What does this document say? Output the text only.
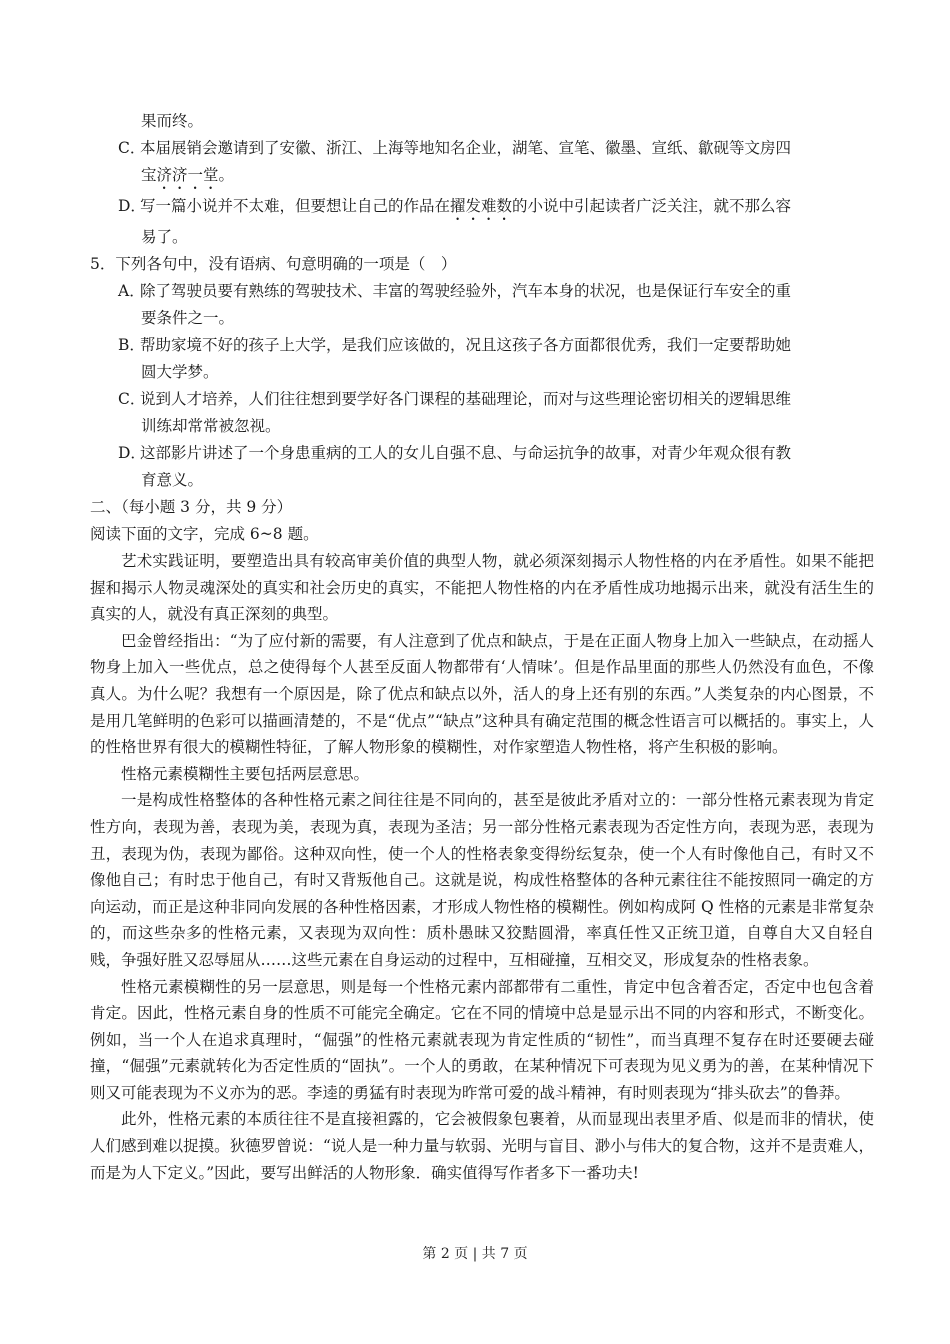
果而终。
C．本届展销会邀请到了安徽、浙江、上海等地知名企业，湖笔、宣笔、徽墨、宣纸、歙砚等文房四
宝济济一堂。
D．写一篇小说并不太难，但要想让自己的作品在擢发难数的小说中引起读者广泛关注，就不那么容
易了。
5．下列各句中，没有语病、句意明确的一项是（　）
A．除了驾驶员要有熟练的驾驶技术、丰富的驾驶经验外，汽车本身的状况，也是保证行车安全的重
要条件之一。
B．帮助家境不好的孩子上大学，是我们应该做的，况且这孩子各方面都很优秀，我们一定要帮助她
圆大学梦。
C．说到人才培养，人们往往想到要学好各门课程的基础理论，而对与这些理论密切相关的逻辑思维
训练却常常被忽视。
D．这部影片讲述了一个身患重病的工人的女儿自强不息、与命运抗争的故事，对青少年观众很有教
育意义。
二、（每小题 3 分，共 9 分）
阅读下面的文字，完成 6~8 题。

艺术实践证明，要塑造出具有较高审美价值的典型人物，就必须深刻揭示人物性格的内在矛盾性。如果不能把握和揭示人物灵魂深处的真实和社会历史的真实，不能把人物性格的内在矛盾性成功地揭示出来，就没有活生生的真实的人，就没有真正深刻的典型。

巴金曾经指出：“为了应付新的需要，有人注意到了优点和缺点，于是在正面人物身上加入一些缺点，在动摇人物身上加入一些优点，总之使得每个人甚至反面人物都带有‘人情味’。但是作品里面的那些人仍然没有血色，不像真人。为什么呢？我想有一个原因是，除了优点和缺点以外，活人的身上还有别的东西。”人类复杂的内心图景，不是用几笔鲜明的色彩可以描画清楚的，不是“优点”“缺点”这种具有确定范围的概念性语言可以概括的。事实上，人的性格世界有很大的模糊性特征，了解人物形象的模糊性，对作家塑造人物性格，将产生积极的影响。

性格元素模糊性主要包括两层意思。

一是构成性格整体的各种性格元素之间往往是不同向的，甚至是彼此矛盾对立的：一部分性格元素表现为肯定性方向，表现为善，表现为美，表现为真，表现为圣洁；另一部分性格元素表现为否定性方向，表现为恶，表现为丑，表现为伪，表现为鄙俗。这种双向性，使一个人的性格表象变得纷纭复杂，使一个人有时像他自己，有时又不像他自己；有时忠于他自己，有时又背叛他自己。这就是说，构成性格整体的各种元素往往不能按照同一确定的方向运动，而正是这种非同向发展的各种性格因素，才形成人物性格的模糊性。例如构成阿 Q 性格的元素是非常复杂的，而这些杂多的性格元素，又表现为双向性：质朴愚昧又狡黠圆滑，率真任性又正统卫道，自尊自大又自轻自贱，争强好胜又忍辱屈从……这些元素在自身运动的过程中，互相碰撞，互相交叉，形成复杂的性格表象。

性格元素模糊性的另一层意思，则是每一个性格元素内部都带有二重性，肯定中包含着否定，否定中也包含着肯定。因此，性格元素自身的性质不可能完全确定。它在不同的情境中总是显示出不同的内容和形式，不断变化。例如，当一个人在追求真理时，“倔强”的性格元素就表现为肯定性质的“韧性”，而当真理不复存在时还要硬去碰撞，“倔强”元素就转化为否定性质的“固执”。一个人的勇敢，在某种情况下可表现为见义勇为的善，在某种情况下则又可能表现为不义亦为的恶。李逵的勇猛有时表现为昨常可爱的战斗精神，有时则表现为“排头砍去”的鲁莽。

此外，性格元素的本质往往不是直接袒露的，它会被假象包裹着，从而显现出表里矛盾、似是而非的情状，使人们感到难以捉摸。狄德罗曾说：“说人是一种力量与软弱、光明与盲目、渺小与伟大的复合物，这并不是责难人，而是为人下定义。”因此，要写出鲜活的人物形象．确实值得写作者多下一番功夫!

第 2 页 | 共 7 页
